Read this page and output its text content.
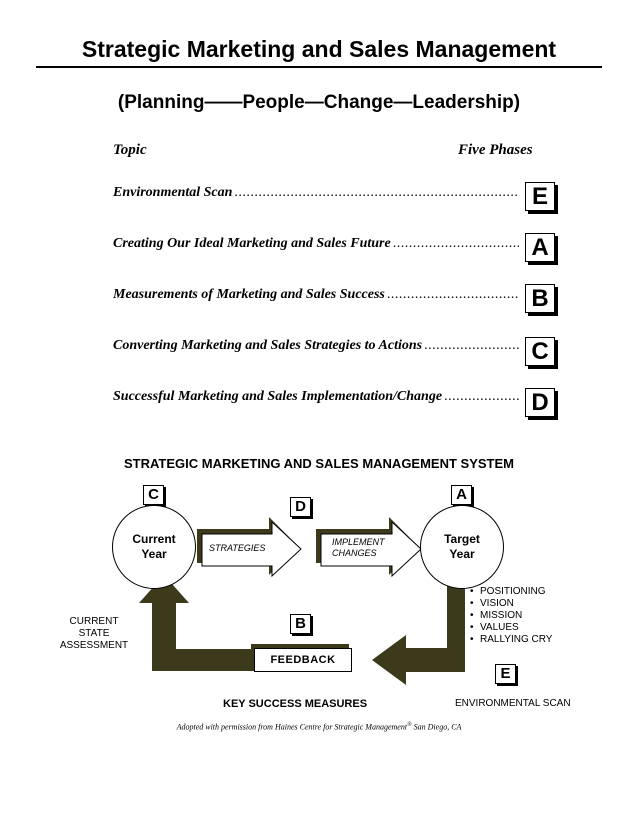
Strategic Marketing and Sales Management
(Planning——People—Change—Leadership)
Topic	Five Phases
Environmental Scan .....	E
Creating Our Ideal Marketing and Sales Future .....	A
Measurements of Marketing and Sales Success .....	B
Converting Marketing and Sales Strategies to Actions .....	C
Successful Marketing and Sales Implementation/Change .....	D
STRATEGIC MARKETING AND SALES MANAGEMENT SYSTEM
C
D
A
B
E
Current Year
Target Year
STRATEGIES
IMPLEMENT CHANGES
• POSITIONING
• VISION
• MISSION
• VALUES
• RALLYING CRY
CURRENT STATE ASSESSMENT
FEEDBACK
KEY SUCCESS MEASURES	ENVIRONMENTAL SCAN
Adopted with permission from Haines Centre for Strategic Management® San Diego, CA
